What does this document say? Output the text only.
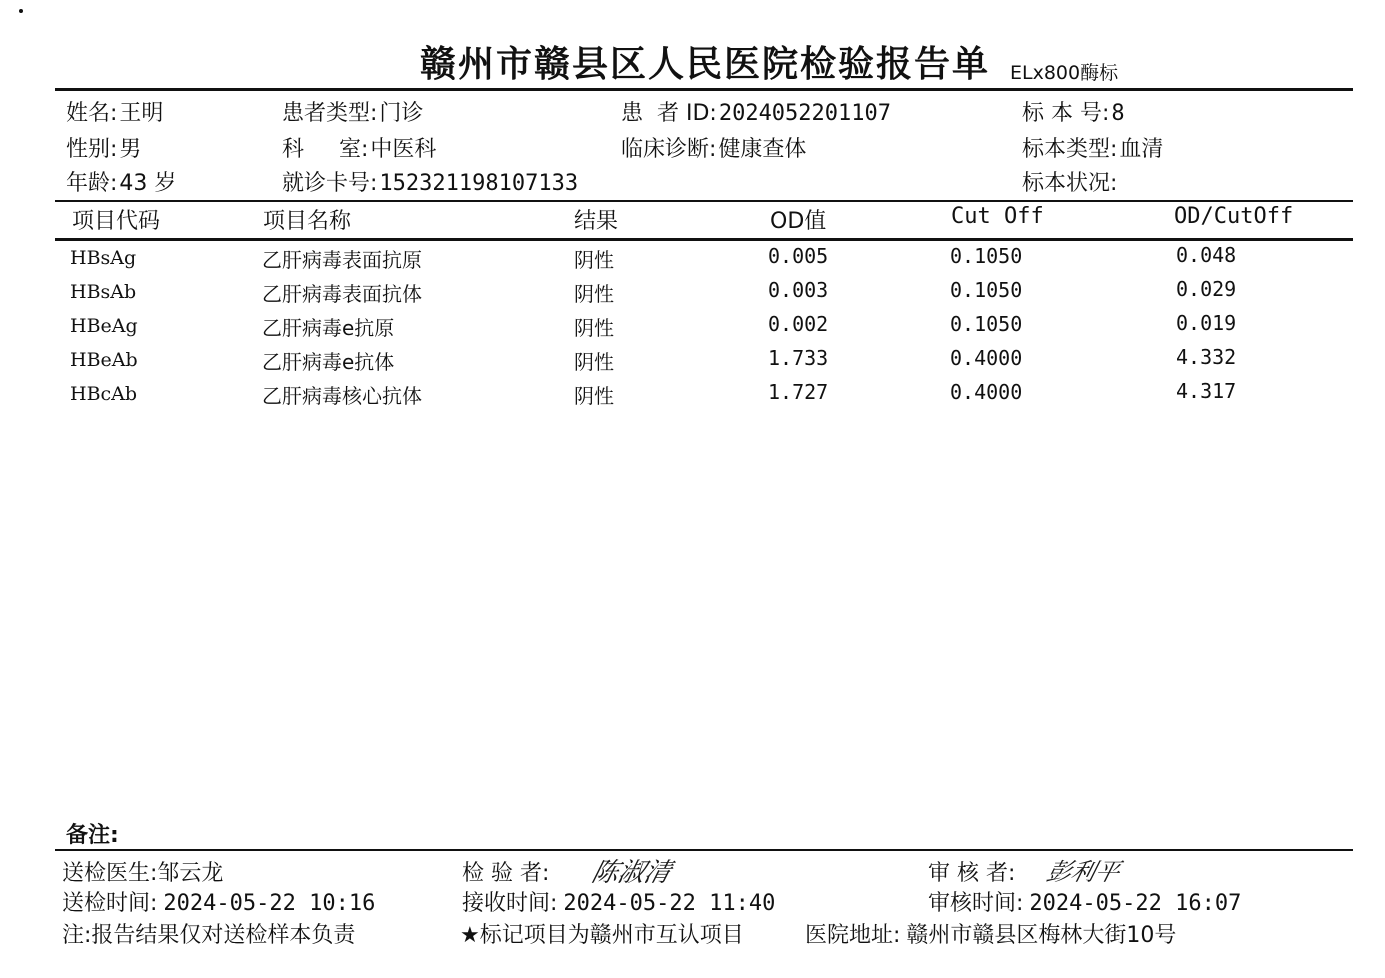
赣州市赣县区人民医院检验报告单 ELx800酶标
姓名:王明	患者类型:门诊	患  者 ID:2024052201107	标 本 号:8
性别:男	科     室:中医科	临床诊断:健康查体	标本类型:血清
年龄:43 岁	就诊卡号:152321198107133	标本状况:
项目代码	项目名称	结果	OD值	Cut Off	OD/CutOff
HBsAg	乙肝病毒表面抗原	阴性	0.005	0.1050	0.048
HBsAb	乙肝病毒表面抗体	阴性	0.003	0.1050	0.029
HBeAg	乙肝病毒e抗原	阴性	0.002	0.1050	0.019
HBeAb	乙肝病毒e抗体	阴性	1.733	0.4000	4.332
HBcAb	乙肝病毒核心抗体	阴性	1.727	0.4000	4.317
备注:
送检医生:邹云龙	检 验 者: 陈淑清	审 核 者: 彭利平
送检时间: 2024-05-22 10:16	接收时间: 2024-05-22 11:40	审核时间: 2024-05-22 16:07
注:报告结果仅对送检样本负责	★标记项目为赣州市互认项目	医院地址: 赣州市赣县区梅林大街10号
